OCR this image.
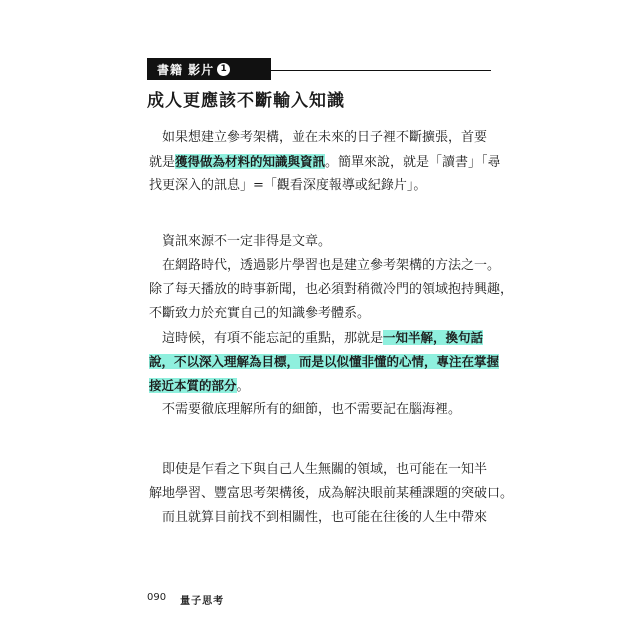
書籍 影片 1
成人更應該不斷輸入知識
　如果想建立參考架構，並在未來的日子裡不斷擴張，首要
就是獲得做為材料的知識與資訊。簡單來說，就是「讀書」「尋
找更深入的訊息」=「觀看深度報導或紀錄片」。
　資訊來源不一定非得是文章。
　在網路時代，透過影片學習也是建立參考架構的方法之一。
除了每天播放的時事新聞，也必須對稍微冷門的領域抱持興趣，
不斷致力於充實自己的知識參考體系。
　這時候，有項不能忘記的重點，那就是一知半解，換句話
說，不以深入理解為目標，而是以似懂非懂的心情，專注在掌握
接近本質的部分。
　不需要徹底理解所有的細節，也不需要記在腦海裡。
　即使是乍看之下與自己人生無關的領域，也可能在一知半
解地學習、豐富思考架構後，成為解決眼前某種課題的突破口。
　而且就算目前找不到相關性，也可能在往後的人生中帶來
090 量子思考
